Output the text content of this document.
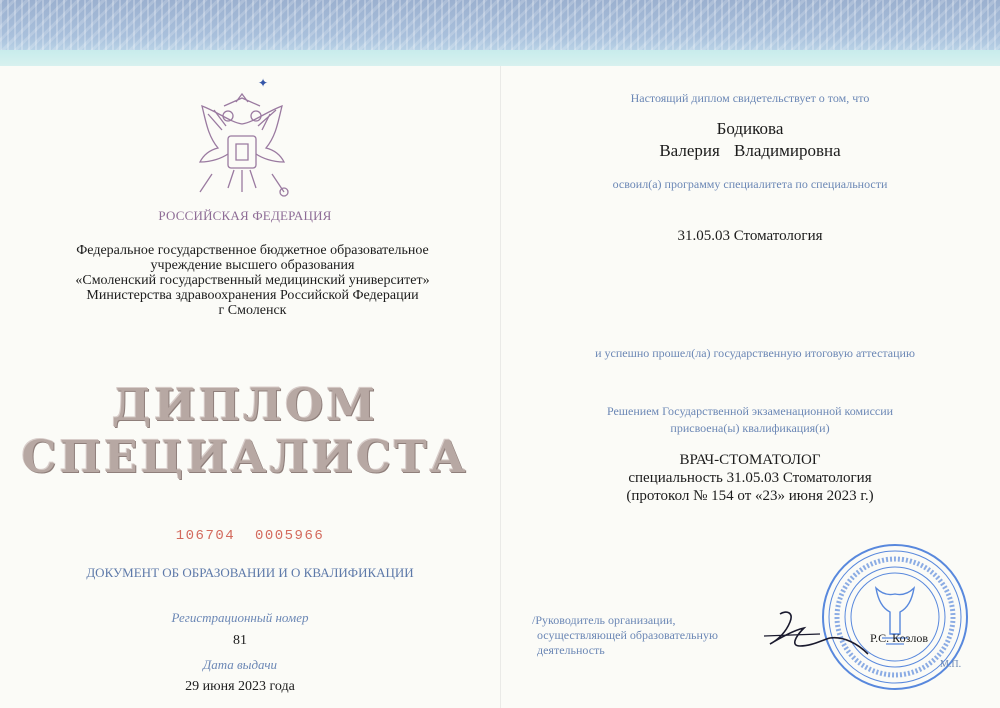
✦
РОССИЙСКАЯ ФЕДЕРАЦИЯ
Федеральное государственное бюджетное образовательное
учреждение высшего образования
«Смоленский государственный медицинский университет»
Министерства здравоохранения Российской Федерации
г Смоленск
ДИПЛОМ
СПЕЦИАЛИСТА
106704  0005966
ДОКУМЕНТ ОБ ОБРАЗОВАНИИ И О КВАЛИФИКАЦИИ
Регистрационный номер
81
Дата выдачи
29 июня 2023 года
Настоящий диплом свидетельствует о том, что
Бодикова
Валерия Владимировна
освоил(а) программу специалитета по специальности
31.05.03 Стоматология
и успешно прошел(ла) государственную итоговую аттестацию
Решением Государственной экзаменационной комиссии
присвоена(ы) квалификация(и)
ВРАЧ-СТОМАТОЛОГ
специальность 31.05.03 Стоматология
(протокол № 154 от «23» июня 2023 г.)
/Руководитель организации,
осуществляющей образовательную
деятельность
Р.С. Козлов
М.П.
